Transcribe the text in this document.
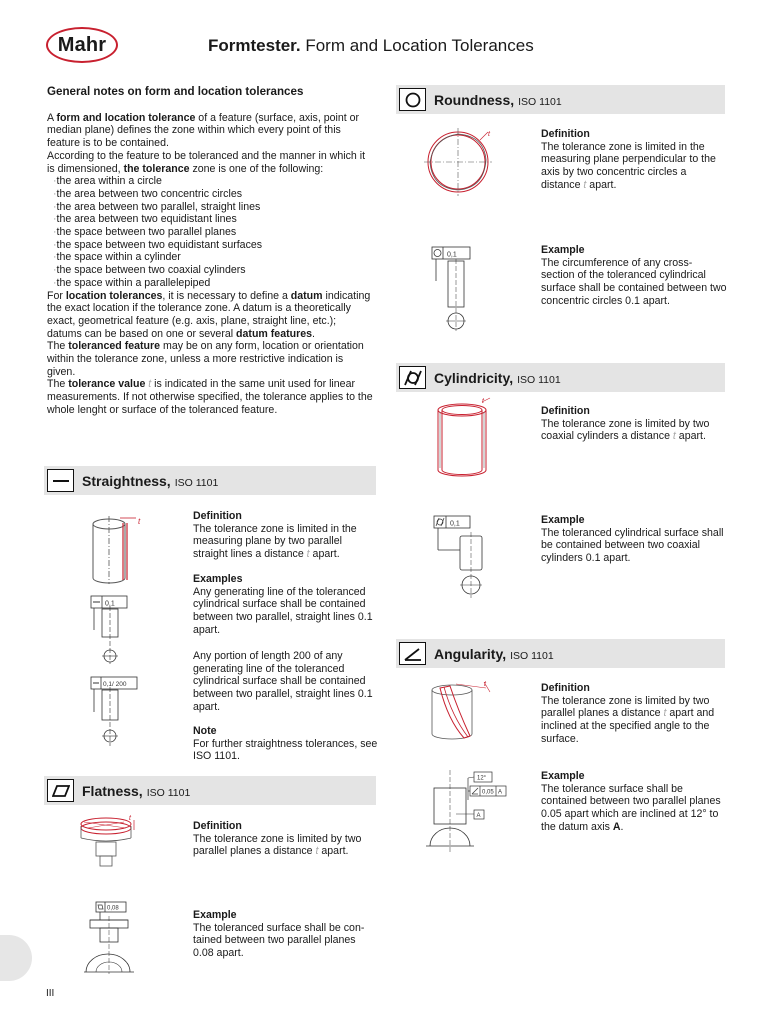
Mahr	Formtester. Form and Location Tolerances
General notes on form and location tolerances

A form and location tolerance of a feature (surface, axis, point or median plane) defines the zone within which every point of this feature is to be contained.

According to the feature to be toleranced and the manner in which it is dimensioned, the tolerance zone is one of the following:

· the area within a circle
· the area between two concentric circles
· the area between two parallel, straight lines
· the area between two equidistant lines
· the space between two parallel planes
· the space between two equidistant surfaces
· the space within a cylinder
· the space between two coaxial cylinders
· the space within a parallelepiped

For location tolerances, it is necessary to define a datum indicating the exact location if the tolerance zone. A datum is a theoretically exact, geometrical feature (e.g. axis, plane, straight line, etc.); datums can be based on one or several datum features.

The toleranced feature may be on any form, location or orientation within the tolerance zone, unless a more restrictive indication is given.

The tolerance value t is indicated in the same unit used for linear measurements. If not otherwise specified, the tolerance applies to the whole lenght or surface of the toleranced feature.

Straightness, ISO 1101
t
0,1
0,1/ 200
Definition
The tolerance zone is limited in the measuring plane by two parallel straight lines a distance t apart.
Examples
Any generating line of the toleranced cylindrical surface shall be contained between two parallel, straight lines 0.1 apart.
Any portion of length 200 of any generating line of the toleranced cylindrical surface shall be contained between two parallel, straight lines 0.1 apart.
Note
For further straightness tolerances, see ISO 1101.
Flatness, ISO 1101
t
0,08
Definition
The tolerance zone is limited by two parallel planes a distance t apart.
Example
The toleranced surface shall be con- tained between two parallel planes 0.08 apart.
Roundness, ISO 1101
t
0,1
Definition
The tolerance zone is limited in the measuring plane perpendicular to the axis by two concentric circles a distance t apart.
Example
The circumference of any cross- section of the toleranced cylindrical surface shall be contained between two concentric circles 0.1 apart.
Cylindricity, ISO 1101
t
0,1
Definition
The tolerance zone is limited by two coaxial cylinders a distance t apart.
Example
The toleranced cylindrical surface shall be contained between two coaxial cylinders 0.1 apart.
Angularity, ISO 1101
t
12°
0,05 A
A
Definition
The tolerance zone is limited by two parallel planes a distance t apart and inclined at the specified angle to the surface.
Example
The tolerance surface shall be contained between two parallel planes 0.05 apart which are inclined at 12° to the datum axis A.
III
